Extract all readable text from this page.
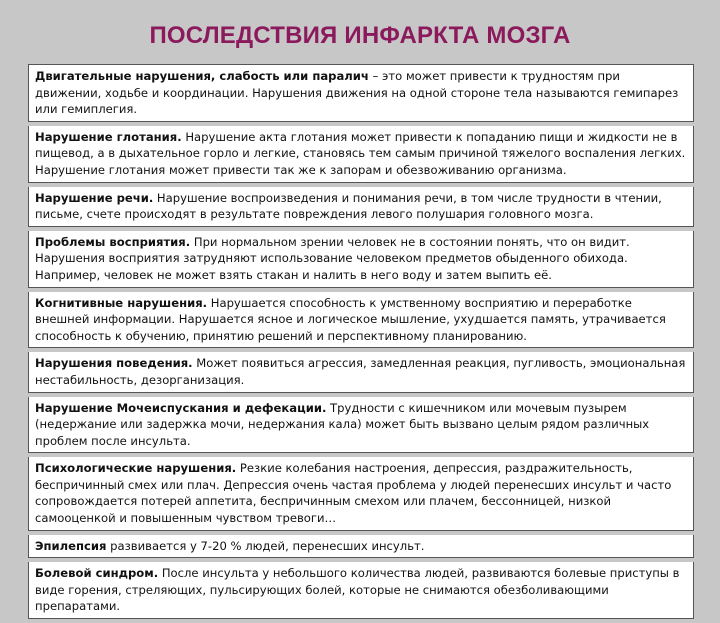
ПОСЛЕДСТВИЯ ИНФАРКТА МОЗГА
Двигательные нарушения, слабость или паралич – это может привести к трудностям при движении, ходьбе и координации. Нарушения движения на одной стороне тела называются гемипарез или гемиплегия.
Нарушение глотания. Нарушение акта глотания может привести к попаданию пищи и жидкости не в пищевод, а в дыхательное горло и легкие, становясь тем самым причиной тяжелого воспаления легких. Нарушение глотания может привести так же к запорам и обезвоживанию организма.
Нарушение речи. Нарушение воспроизведения и понимания речи, в том числе трудности в чтении, письме, счете происходят в результате повреждения левого полушария головного мозга.
Проблемы восприятия. При нормальном зрении человек не в состоянии понять, что он видит. Нарушения восприятия затрудняют использование человеком предметов обыденного обихода. Например, человек не может взять стакан и налить в него воду и затем выпить её.
Когнитивные нарушения. Нарушается способность к умственному восприятию и переработке внешней информации. Нарушается ясное и логическое мышление, ухудшается память, утрачивается способность к обучению, принятию решений и перспективному планированию.
Нарушения поведения. Может появиться агрессия, замедленная реакция, пугливость, эмоциональная нестабильность, дезорганизация.
Нарушение Мочеиспускания и дефекации. Трудности с кишечником или мочевым пузырем (недержание или задержка мочи, недержания кала) может быть вызвано целым рядом различных проблем после инсульта.
Психологические нарушения. Резкие колебания настроения, депрессия, раздражительность, беспричинный смех или плач. Депрессия очень частая проблема у людей перенесших инсульт и часто сопровождается потерей аппетита, беспричинным смехом или плачем, бессонницей, низкой самооценкой и повышенным чувством тревоги…
Эпилепсия развивается у 7-20 % людей, перенесших инсульт.
Болевой синдром. После инсульта у небольшого количества людей, развиваются болевые приступы в виде горения, стреляющих, пульсирующих болей, которые не снимаются обезболивающими препаратами.
